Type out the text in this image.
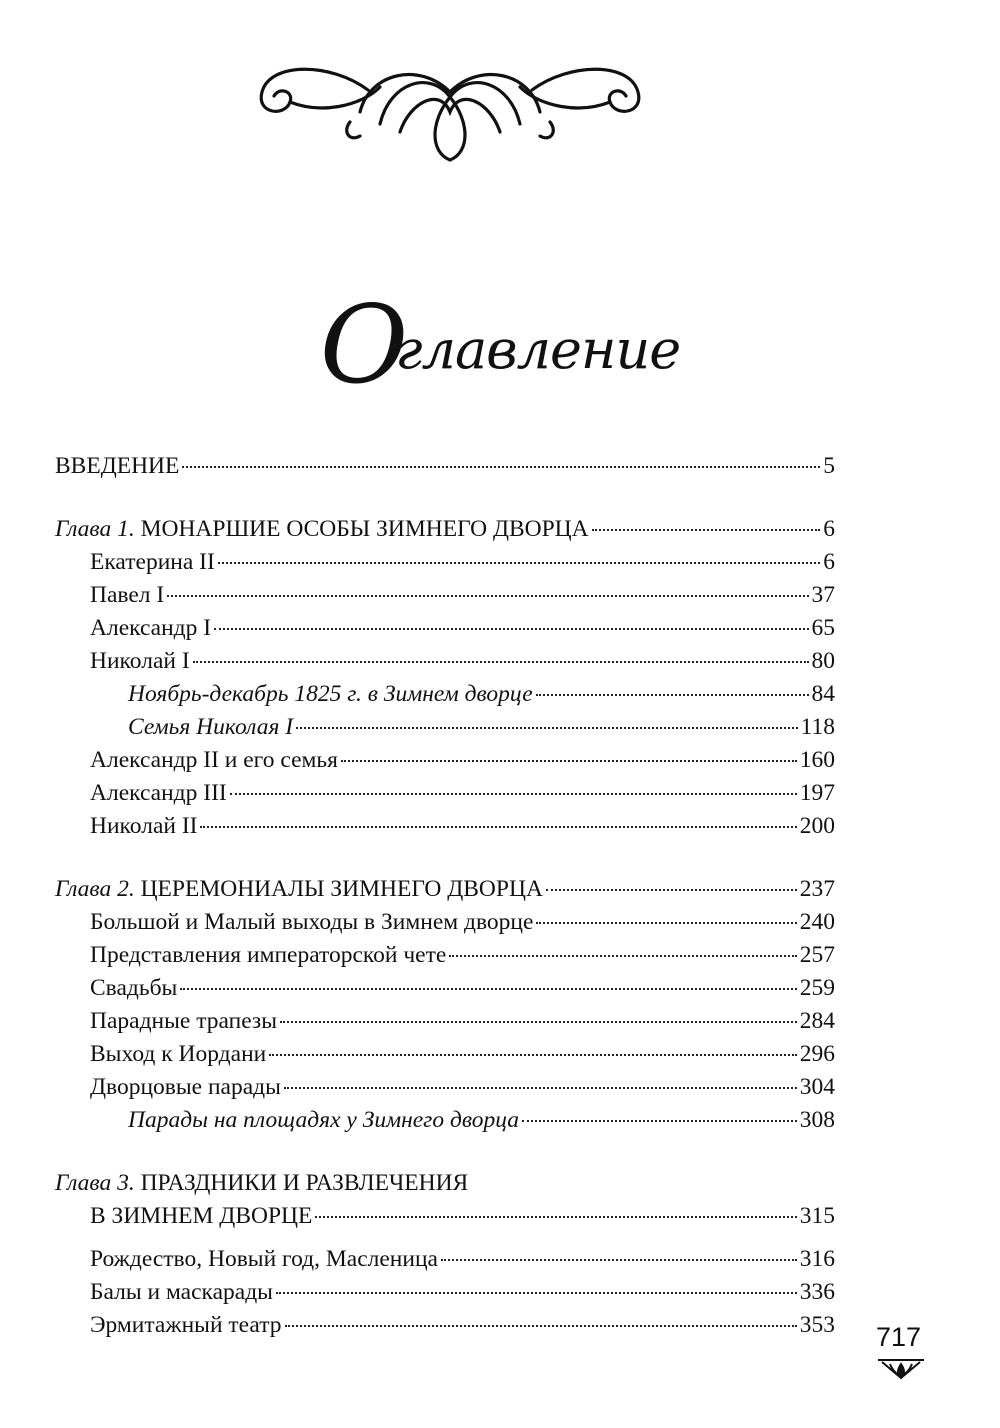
Оглавление
ВВЕДЕНИЕ	5
Глава 1. МОНАРШИЕ ОСОБЫ ЗИМНЕГО ДВОРЦА	6
Екатерина II	6
Павел I	37
Александр I	65
Николай I	80
Ноябрь-декабрь 1825 г. в Зимнем дворце	84
Семья Николая I	118
Александр II и его семья	160
Александр III	197
Николай II	200
Глава 2. ЦЕРЕМОНИАЛЫ ЗИМНЕГО ДВОРЦА	237
Большой и Малый выходы в Зимнем дворце	240
Представления императорской чете	257
Свадьбы	259
Парадные трапезы	284
Выход к Иордани	296
Дворцовые парады	304
Парады на площадях у Зимнего дворца	308
Глава 3. ПРАЗДНИКИ И РАЗВЛЕЧЕНИЯ
В ЗИМНЕМ ДВОРЦЕ	315
Рождество, Новый год, Масленица	316
Балы и маскарады	336
Эрмитажный театр	353 717
